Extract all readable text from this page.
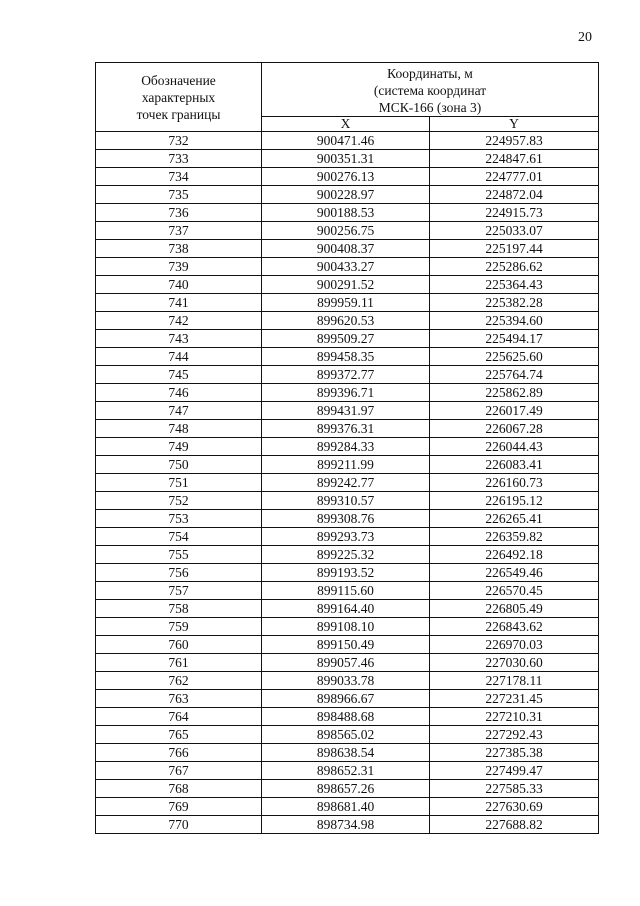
20
Обозначение
характерных
точек границы	Координаты, м
(система координат
МСК-166 (зона 3)	

	X	Y
732	900471.46	224957.83
733	900351.31	224847.61
734	900276.13	224777.01
735	900228.97	224872.04
736	900188.53	224915.73
737	900256.75	225033.07
738	900408.37	225197.44
739	900433.27	225286.62
740	900291.52	225364.43
741	899959.11	225382.28
742	899620.53	225394.60
743	899509.27	225494.17
744	899458.35	225625.60
745	899372.77	225764.74
746	899396.71	225862.89
747	899431.97	226017.49
748	899376.31	226067.28
749	899284.33	226044.43
750	899211.99	226083.41
751	899242.77	226160.73
752	899310.57	226195.12
753	899308.76	226265.41
754	899293.73	226359.82
755	899225.32	226492.18
756	899193.52	226549.46
757	899115.60	226570.45
758	899164.40	226805.49
759	899108.10	226843.62
760	899150.49	226970.03
761	899057.46	227030.60
762	899033.78	227178.11
763	898966.67	227231.45
764	898488.68	227210.31
765	898565.02	227292.43
766	898638.54	227385.38
767	898652.31	227499.47
768	898657.26	227585.33
769	898681.40	227630.69
770	898734.98	227688.82
